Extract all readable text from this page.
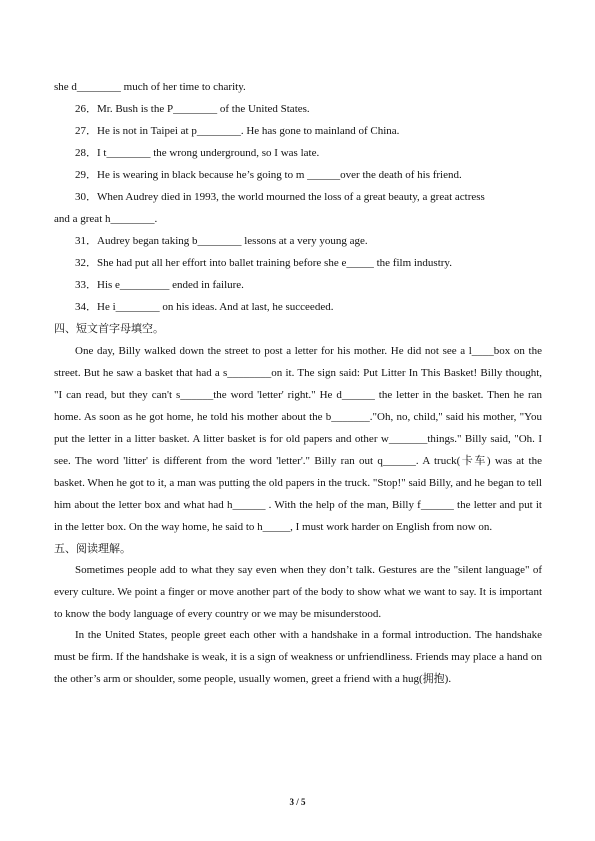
she d________ much of her time to charity.
26．Mr. Bush is the P________ of the United States.
27．He is not in Taipei at p________. He has gone to mainland of China.
28．I t________ the wrong underground, so I was late.
29．He is wearing in black because he’s going to m ______over the death of his friend.
30．When Audrey died in 1993, the world mourned the loss of a great beauty, a great actress
and a great h________.
31．Audrey began taking b________ lessons at a very young age.
32．She had put all her effort into ballet training before she e_____ the film industry.
33．His e_________ ended in failure.
34．He i________ on his ideas. And at last, he succeeded.
四、短文首字母填空。

One day, Billy walked down the street to post a letter for his mother. He did not see a l____box on the street. But he saw a basket that had a s________on it. The sign said: Put Litter In This Basket! Billy thought, "I can read, but they can't s______the word 'letter' right." He d______ the letter in the basket. Then he ran home. As soon as he got home, he told his mother about the b_______."Oh, no, child," said his mother, "You put the letter in a litter basket. A litter basket is for old papers and other w_______things." Billy said, "Oh. I see. The word 'litter' is different from the word 'letter'." Billy ran out q______. A truck(卡车) was at the basket. When he got to it, a man was putting the old papers in the truck. "Stop!" said Billy, and he began to tell him about the letter box and what had h______ . With the help of the man, Billy f______ the letter and put it in the letter box. On the way home, he said to h_____, I must work harder on English from now on.

五、阅读理解。

Sometimes people add to what they say even when they don’t talk. Gestures are the "silent language" of every culture. We point a finger or move another part of the body to show what we want to say. It is important to know the body language of every country or we may be misunderstood.

In the United States, people greet each other with a handshake in a formal introduction. The handshake must be firm. If the handshake is weak, it is a sign of weakness or unfriendliness. Friends may place a hand on the other’s arm or shoulder, some people, usually women, greet a friend with a hug(拥抱).

3 / 5
